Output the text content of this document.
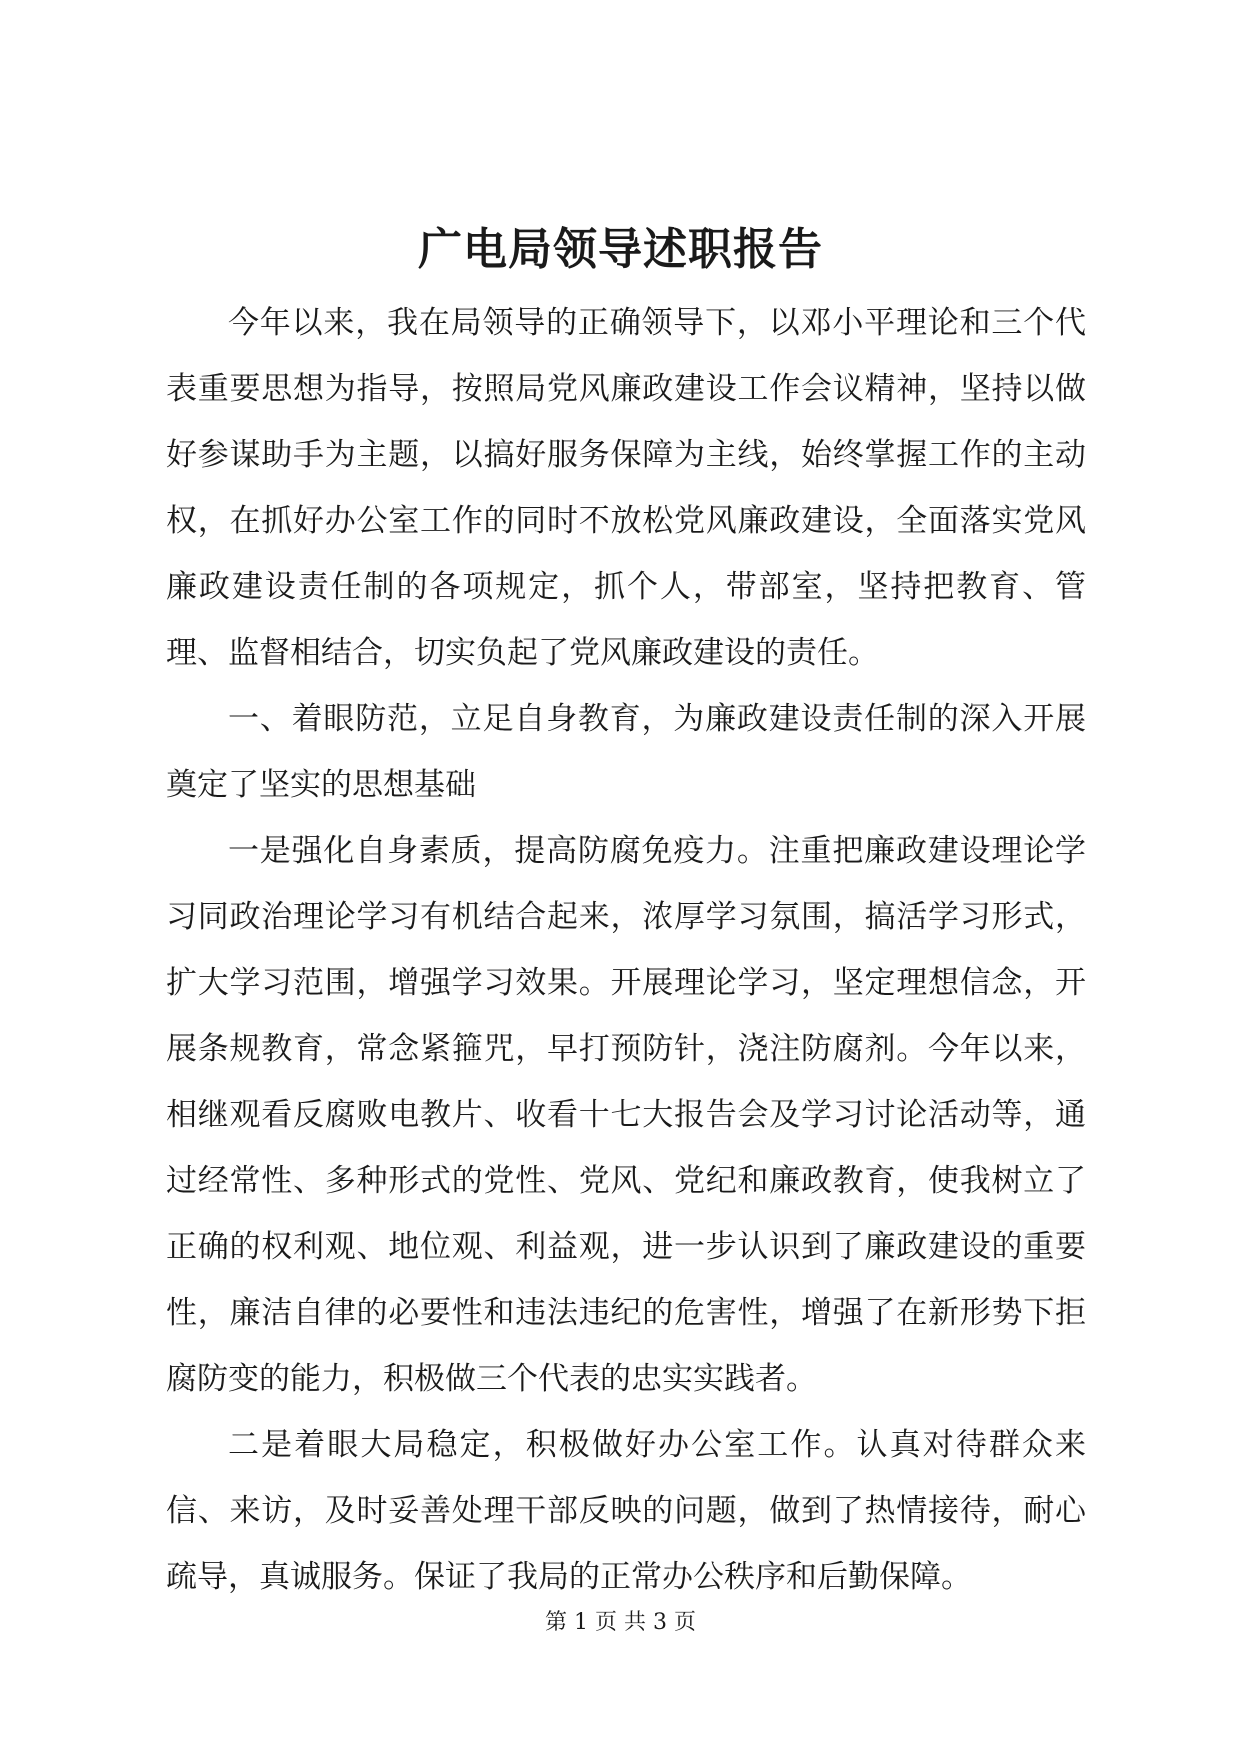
广电局领导述职报告

今年以来，我在局领导的正确领导下，以邓小平理论和三个代表重要思想为指导，按照局党风廉政建设工作会议精神，坚持以做好参谋助手为主题，以搞好服务保障为主线，始终掌握工作的主动权，在抓好办公室工作的同时不放松党风廉政建设，全面落实党风廉政建设责任制的各项规定，抓个人，带部室，坚持把教育、管理、监督相结合，切实负起了党风廉政建设的责任。

一、着眼防范，立足自身教育，为廉政建设责任制的深入开展奠定了坚实的思想基础

一是强化自身素质，提高防腐免疫力。注重把廉政建设理论学习同政治理论学习有机结合起来，浓厚学习氛围，搞活学习形式，扩大学习范围，增强学习效果。开展理论学习，坚定理想信念，开展条规教育，常念紧箍咒，早打预防针，浇注防腐剂。今年以来，相继观看反腐败电教片、收看十七大报告会及学习讨论活动等，通过经常性、多种形式的党性、党风、党纪和廉政教育，使我树立了正确的权利观、地位观、利益观，进一步认识到了廉政建设的重要性，廉洁自律的必要性和违法违纪的危害性，增强了在新形势下拒腐防变的能力，积极做三个代表的忠实实践者。

二是着眼大局稳定，积极做好办公室工作。认真对待群众来信、来访，及时妥善处理干部反映的问题，做到了热情接待，耐心疏导，真诚服务。保证了我局的正常办公秩序和后勤保障。

第 1 页 共 3 页
